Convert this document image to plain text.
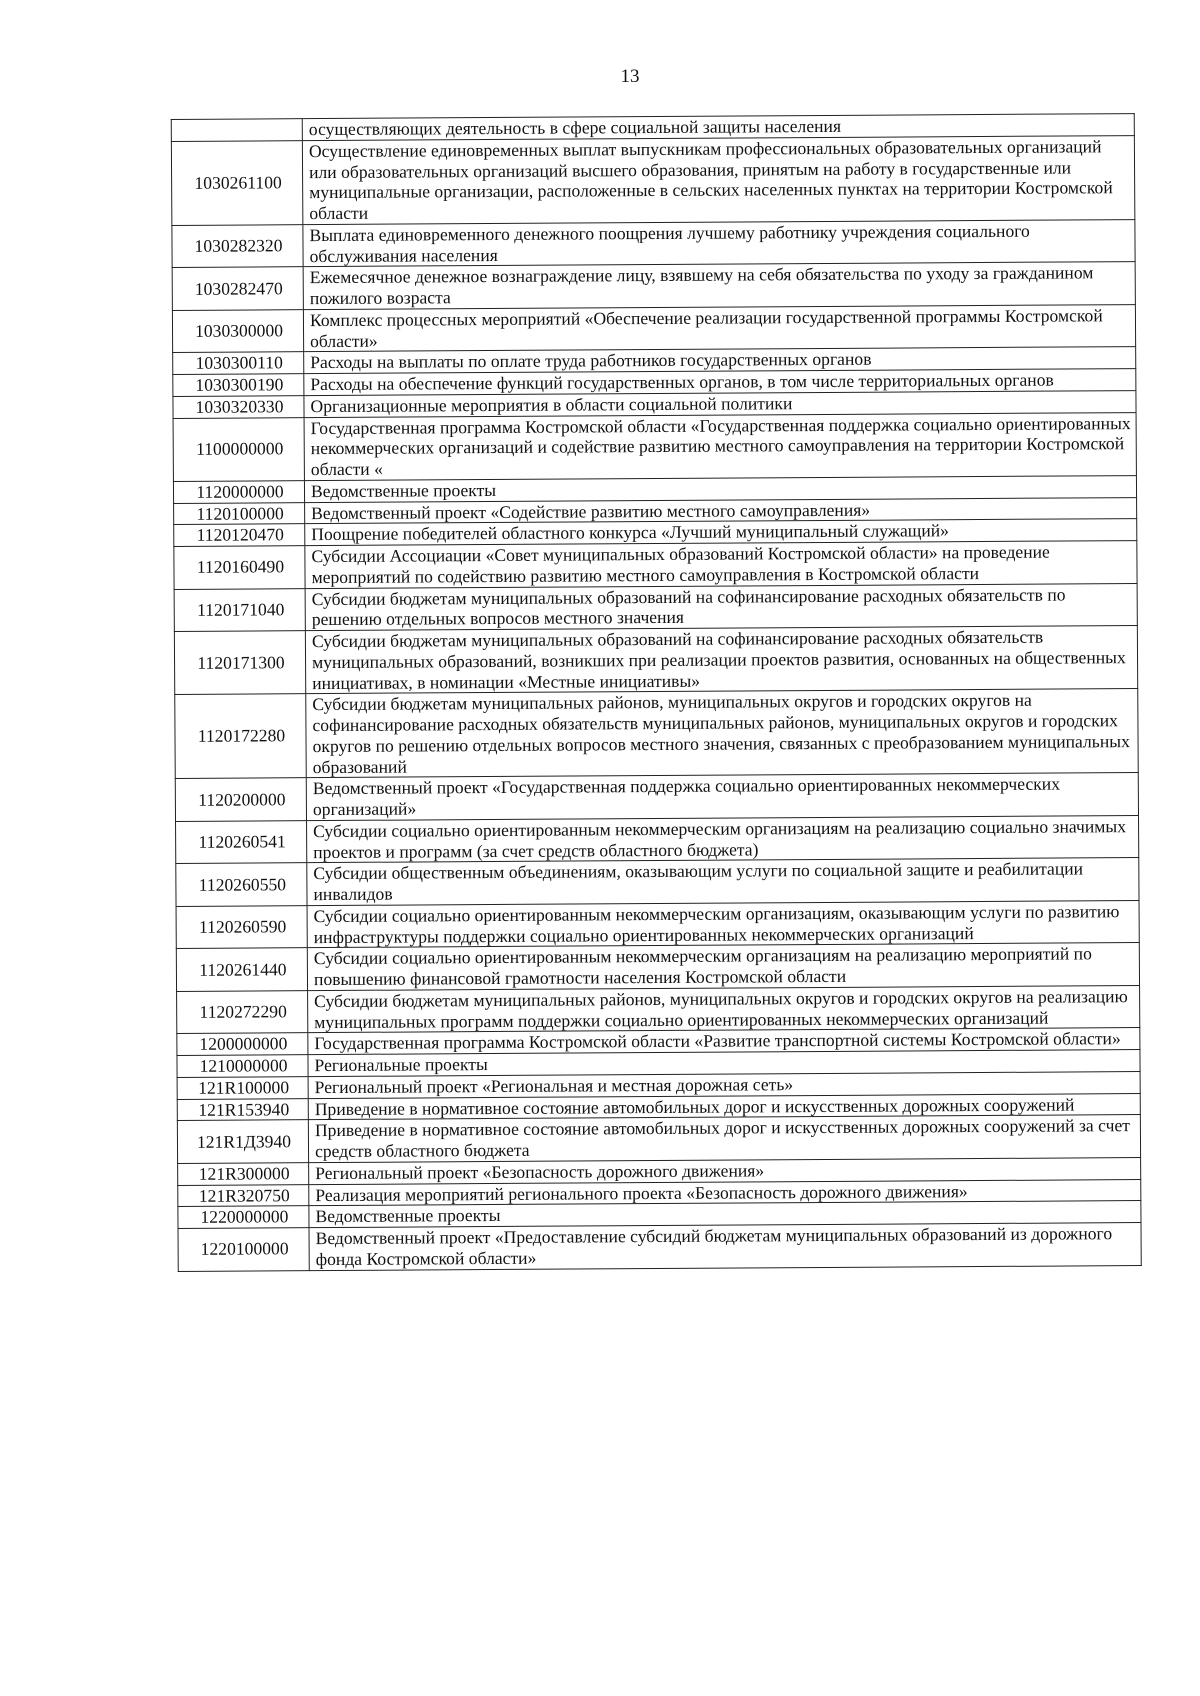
13
	осуществляющих деятельность в сфере социальной защиты населения
1030261100	Осуществление единовременных выплат выпускникам профессиональных образовательных организаций или образовательных организаций высшего образования, принятым на работу в государственные или муниципальные организации, расположенные в сельских населенных пунктах на территории Костромской области
1030282320	Выплата единовременного денежного поощрения лучшему работнику учреждения социального обслуживания населения
1030282470	Ежемесячное денежное вознаграждение лицу, взявшему на себя обязательства по уходу за гражданином пожилого возраста
1030300000	Комплекс процессных мероприятий «Обеспечение реализации государственной программы Костромской области»
1030300110	Расходы на выплаты по оплате труда работников государственных органов
1030300190	Расходы на обеспечение функций государственных органов, в том числе территориальных органов
1030320330	Организационные мероприятия в области социальной политики
1100000000	Государственная программа Костромской области «Государственная поддержка социально ориентированных некоммерческих организаций и содействие развитию местного самоуправления на территории Костромской области «
1120000000	Ведомственные проекты
1120100000	Ведомственный проект «Содействие развитию местного самоуправления»
1120120470	Поощрение победителей областного конкурса «Лучший муниципальный служащий»
1120160490	Субсидии Ассоциации «Совет муниципальных образований Костромской области» на проведение мероприятий по содействию развитию местного самоуправления в Костромской области
1120171040	Субсидии бюджетам муниципальных образований на софинансирование расходных обязательств по решению отдельных вопросов местного значения
1120171300	Субсидии бюджетам муниципальных образований на софинансирование расходных обязательств муниципальных образований, возникших при реализации проектов развития, основанных на общественных инициативах, в номинации «Местные инициативы»
1120172280	Субсидии бюджетам муниципальных районов, муниципальных округов и городских округов на софинансирование расходных обязательств муниципальных районов, муниципальных округов и городских округов по решению отдельных вопросов местного значения, связанных с преобразованием муниципальных образований
1120200000	Ведомственный проект «Государственная поддержка социально ориентированных некоммерческих организаций»
1120260541	Субсидии социально ориентированным некоммерческим организациям на реализацию социально значимых проектов и программ (за счет средств областного бюджета)
1120260550	Субсидии общественным объединениям, оказывающим услуги по социальной защите и реабилитации инвалидов
1120260590	Субсидии социально ориентированным некоммерческим организациям, оказывающим услуги по развитию инфраструктуры поддержки социально ориентированных некоммерческих организаций
1120261440	Субсидии социально ориентированным некоммерческим организациям на реализацию мероприятий по повышению финансовой грамотности населения Костромской области
1120272290	Субсидии бюджетам муниципальных районов, муниципальных округов и городских округов на реализацию муниципальных программ поддержки социально ориентированных некоммерческих организаций
1200000000	Государственная программа Костромской области «Развитие транспортной системы Костромской области»
1210000000	Региональные проекты
121R100000	Региональный проект «Региональная и местная дорожная сеть»
121R153940	Приведение в нормативное состояние автомобильных дорог и искусственных дорожных сооружений
121R1Д3940	Приведение в нормативное состояние автомобильных дорог и искусственных дорожных сооружений за счет средств областного бюджета
121R300000	Региональный проект «Безопасность дорожного движения»
121R320750	Реализация мероприятий регионального проекта «Безопасность дорожного движения»
1220000000	Ведомственные проекты
1220100000	Ведомственный проект «Предоставление субсидий бюджетам муниципальных образований из дорожного фонда Костромской области»
